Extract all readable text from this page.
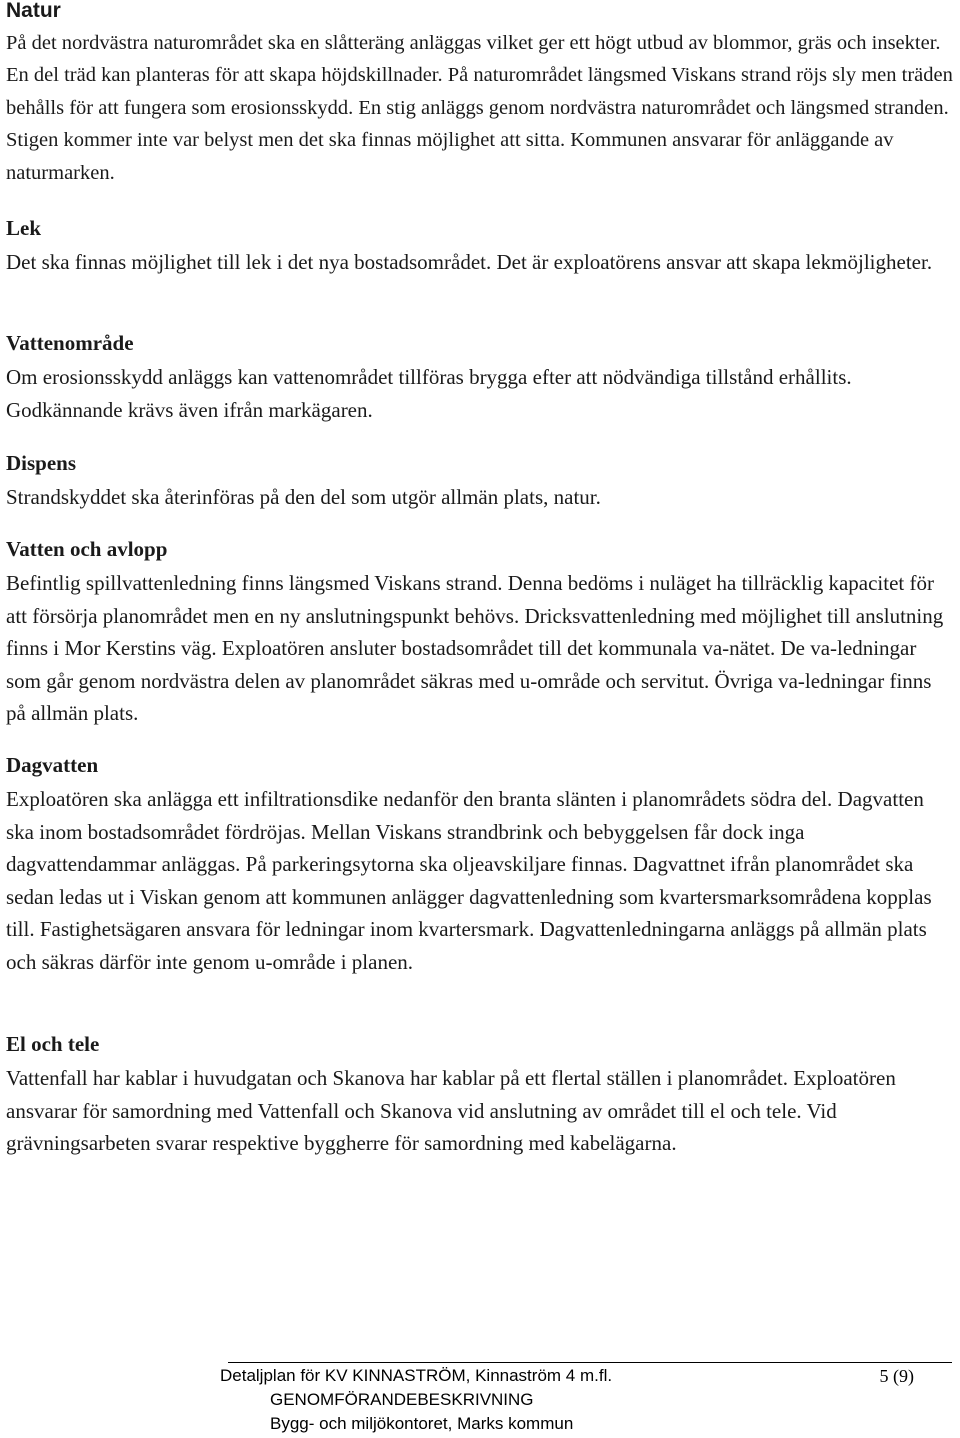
Natur

På det nordvästra naturområdet ska en slåtteräng anläggas vilket ger ett högt utbud av blommor, gräs och insekter. En del träd kan planteras för att skapa höjdskillnader. På naturområdet längsmed Viskans strand röjs sly men träden behålls för att fungera som erosionsskydd. En stig anläggs genom nordvästra naturområdet och längsmed stranden. Stigen kommer inte var belyst men det ska finnas möjlighet att sitta. Kommunen ansvarar för anläggande av naturmarken.

Lek

Det ska finnas möjlighet till lek i det nya bostadsområdet. Det är exploatörens ansvar att skapa lekmöjligheter.

Vattenområde

Om erosionsskydd anläggs kan vattenområdet tillföras brygga efter att nödvändiga tillstånd erhållits. Godkännande krävs även ifrån markägaren.

Dispens

Strandskyddet ska återinföras på den del som utgör allmän plats, natur.

Vatten och avlopp

Befintlig spillvattenledning finns längsmed Viskans strand. Denna bedöms i nuläget ha tillräcklig kapacitet för att försörja planområdet men en ny anslutningspunkt behövs. Dricksvattenledning med möjlighet till anslutning finns i Mor Kerstins väg. Exploatören ansluter bostadsområdet till det kommunala va-nätet. De va-ledningar som går genom nordvästra delen av planområdet säkras med u-område och servitut. Övriga va-ledningar finns på allmän plats.

Dagvatten

Exploatören ska anlägga ett infiltrationsdike nedanför den branta slänten i planområdets södra del. Dagvatten ska inom bostadsområdet fördröjas. Mellan Viskans strandbrink och bebyggelsen får dock inga dagvattendammar anläggas. På parkeringsytorna ska oljeavskiljare finnas. Dagvattnet ifrån planområdet ska sedan ledas ut i Viskan genom att kommunen anlägger dagvattenledning som kvartersmarksområdena kopplas till. Fastighetsägaren ansvara för ledningar inom kvartersmark. Dagvattenledningarna anläggs på allmän plats och säkras därför inte genom u-område i planen.

El och tele

Vattenfall har kablar i huvudgatan och Skanova har kablar på ett flertal ställen i planområdet. Exploatören ansvarar för samordning med Vattenfall och Skanova vid anslutning av området till el och tele. Vid grävningsarbeten svarar respektive byggherre för samordning med kabelägarna.

Detaljplan för KV KINNASTRÖM, Kinnaström 4 m.fl.	5 (9)
GENOMFÖRANDEBESKRIVNING
Bygg- och miljökontoret, Marks kommun
